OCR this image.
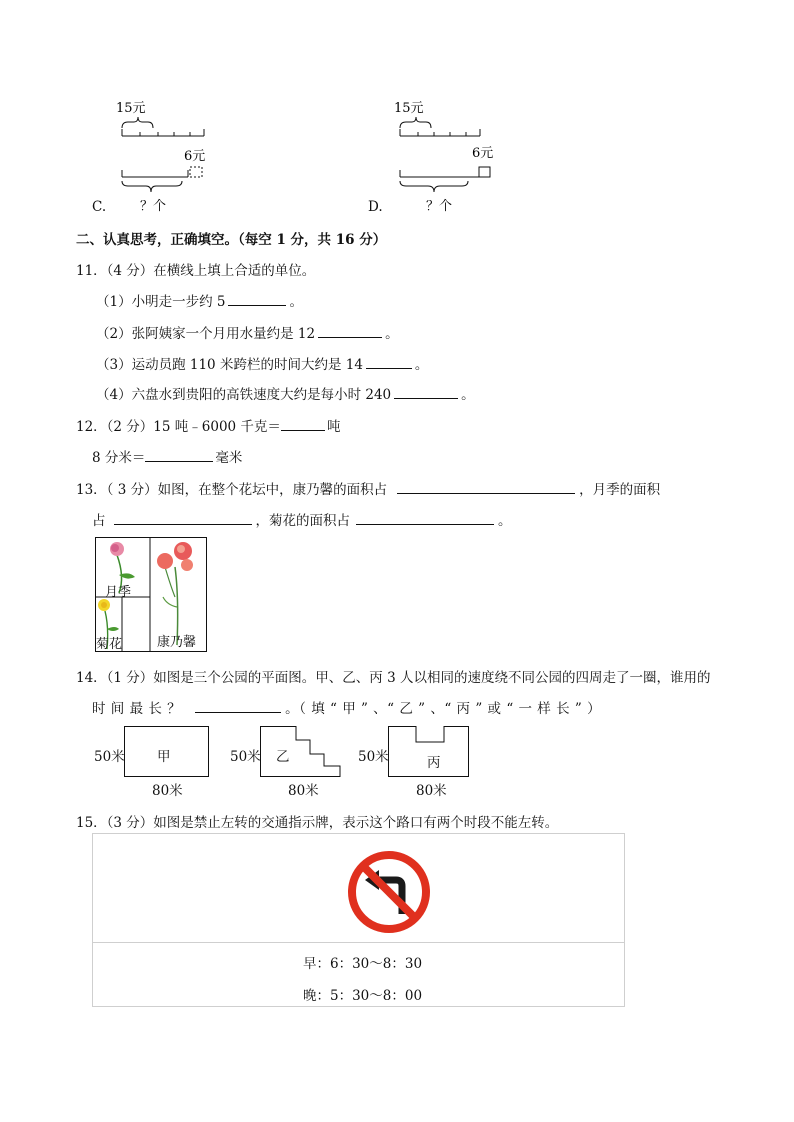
C.
15元
6元
？个	D.
15元
6元
？个
二、认真思考，正确填空。（每空 1 分，共 16 分）
11．（4 分）在横线上填上合适的单位。
（1）小明走一步约 5	。
（2）张阿姨家一个月用水量约是 12	。
（3）运动员跑 110 米跨栏的时间大约是 14	。
（4）六盘水到贵阳的高铁速度大约是每小时 240	。
12．（2 分）15 吨﹣6000 千克＝	吨
8 分米＝	毫米
13．（ 3 分）如图，在整个花坛中，康乃馨的面积占	，月季的面积
占	，菊花的面积占	。
月季
菊花	康乃馨
14．（1 分）如图是三个公园的平面图。甲、乙、丙 3 人以相同的速度绕不同公园的四周走了一圈，谁用的
时 间 最 长 ？	。（ 填 “ 甲 ” 、“ 乙 ” 、“ 丙 ” 或 “ 一 样 长 ” ）
50米 甲
80米
50米 乙
80米
50米	丙
80米
15．（3 分）如图是禁止左转的交通指示牌，表示这个路口有两个时段不能左转。
早：6：30～8：30
晚：5：30～8：00
